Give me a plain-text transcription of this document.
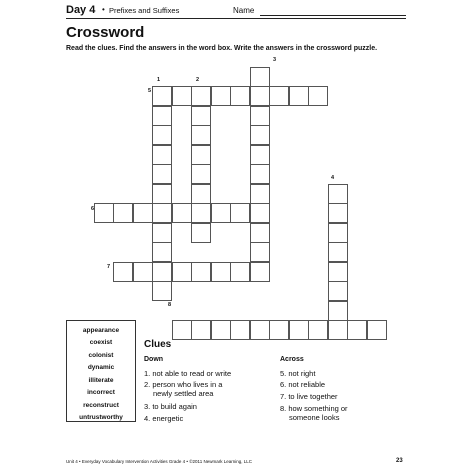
Day 4 • Prefixes and Suffixes	Name
Crossword
Read the clues. Find the answers in the word box. Write the answers in the crossword puzzle.
1	2
3
4
5
6
7
8
appearance
coexist
colonist
dynamic
illiterate
incorrect
reconstruct
untrustworthy
Clues
Down	Across
1. not able to read or write
2. person who lives in a
newly settled area
3. to build again
4. energetic
5. not right
6. not reliable
7. to live together
8. how something or
someone looks
Unit 4 • Everyday Vocabulary Intervention Activities Grade 4 • ©2011 Newmark Learning, LLC	23
